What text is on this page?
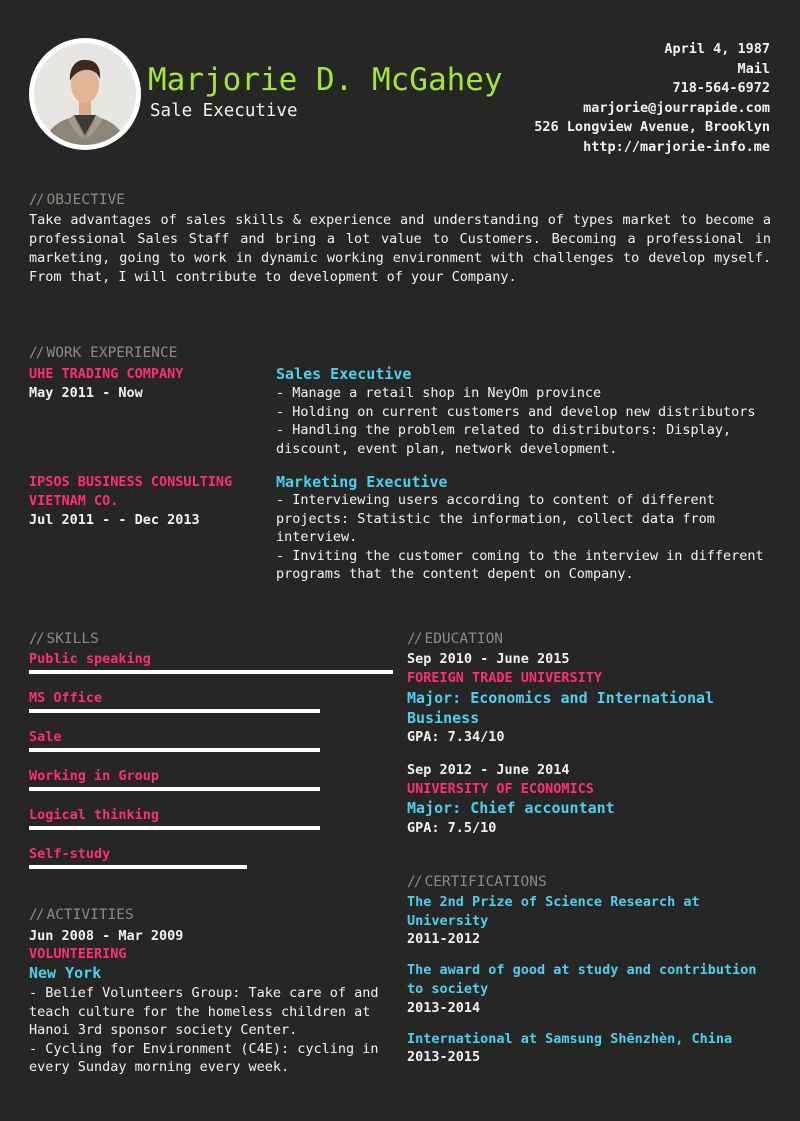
Marjorie D. McGahey
Sale Executive
April 4, 1987
Mail
718-564-6972
marjorie@jourrapide.com
526 Longview Avenue, Brooklyn
http://marjorie-info.me
// OBJECTIVE
Take advantages of sales skills & experience and understanding of types market to become a professional Sales Staff and bring a lot value to Customers. Becoming a professional in marketing, going to work in dynamic working environment with challenges to develop myself. From that, I will contribute to development of your Company.
// WORK EXPERIENCE
UHE TRADING COMPANY
May 2011 - Now
Sales Executive
- Manage a retail shop in NeyOm province
- Holding on current customers and develop new distributors
- Handling the problem related to distributors: Display, discount, event plan, network development.
IPSOS BUSINESS CONSULTING VIETNAM CO.
Jul 2011 - - Dec 2013
Marketing Executive
- Interviewing users according to content of different projects: Statistic the information, collect data from interview.
- Inviting the customer coming to the interview in different programs that the content depent on Company.
// SKILLS
Public speaking
MS Office
Sale
Working in Group
Logical thinking
Self-study
// ACTIVITIES
Jun 2008 - Mar 2009
VOLUNTEERING
New York
- Belief Volunteers Group: Take care of and teach culture for the homeless children at Hanoi 3rd sponsor society Center.
- Cycling for Environment (C4E): cycling in every Sunday morning every week.
// EDUCATION
Sep 2010 - June 2015
FOREIGN TRADE UNIVERSITY
Major: Economics and International Business
GPA: 7.34/10
Sep 2012 - June 2014
UNIVERSITY OF ECONOMICS
Major: Chief accountant
GPA: 7.5/10
// CERTIFICATIONS
The 2nd Prize of Science Research at University
2011-2012
The award of good at study and contribution to society
2013-2014
International at Samsung Shēnzhèn, China
2013-2015
